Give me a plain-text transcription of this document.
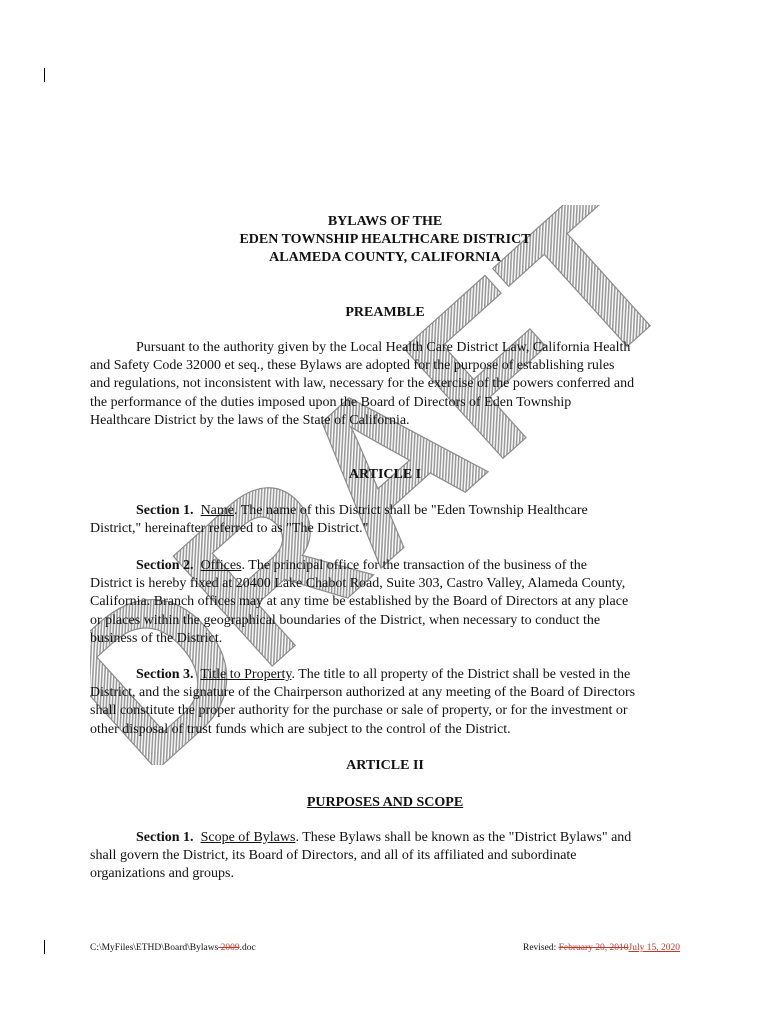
DRAFT
BYLAWS OF THE
EDEN TOWNSHIP HEALTHCARE DISTRICT
ALAMEDA COUNTY, CALIFORNIA
PREAMBLE
Pursuant to the authority given by the Local Health Care District Law, California Health
and Safety Code 32000 et seq., these Bylaws are adopted for the purpose of establishing rules
and regulations, not inconsistent with law, necessary for the exercise of the powers conferred and
the performance of the duties imposed upon the Board of Directors of Eden Township
Healthcare District by the laws of the State of California.
ARTICLE I
Section 1. Name. The name of this District shall be "Eden Township Healthcare
District," hereinafter referred to as "The District."
Section 2. Offices. The principal office for the transaction of the business of the
District is hereby fixed at 20400 Lake Chabot Road, Suite 303, Castro Valley, Alameda County,
California. Branch offices may at any time be established by the Board of Directors at any place
or places within the geographical boundaries of the District, when necessary to conduct the
business of the District.
Section 3. Title to Property. The title to all property of the District shall be vested in the
District, and the signature of the Chairperson authorized at any meeting of the Board of Directors
shall constitute the proper authority for the purchase or sale of property, or for the investment or
other disposal of trust funds which are subject to the control of the District.
ARTICLE II
PURPOSES AND SCOPE
Section 1. Scope of Bylaws. These Bylaws shall be known as the "District Bylaws" and
shall govern the District, its Board of Directors, and all of its affiliated and subordinate
organizations and groups.
C:\MyFiles\ETHD\Board\Bylaws 2009.doc	Revised: February 20, 2010July 15, 2020
